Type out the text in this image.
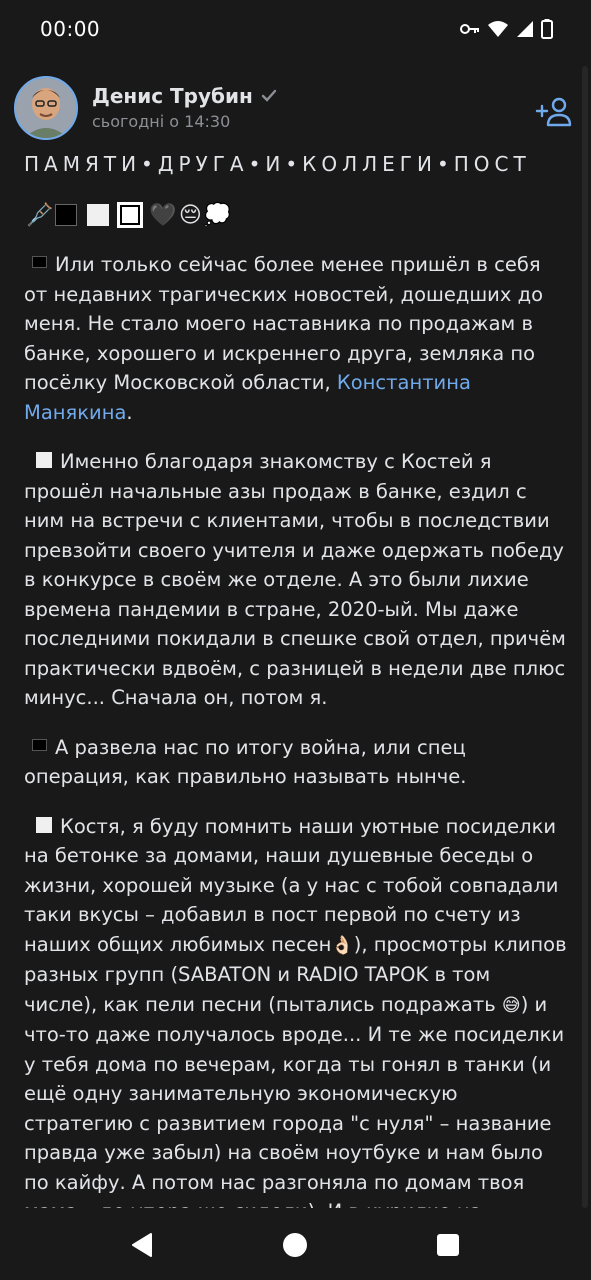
00:00
Денис Трубин
сьогодні о 14:30
ПАМЯТИ•ДРУГА•И•КОЛЛЕГИ•ПОСТ
🩼	🖤 😔 💭

Или только сейчас более менее пришёл в себя от недавних трагических новостей, дошедших до меня. Не стало моего наставника по продажам в банке, хорошего и искреннего друга, земляка по посёлку Московской области, Константина Манякина.

Именно благодаря знакомству с Костей я прошёл начальные азы продаж в банке, ездил с ним на встречи с клиентами, чтобы в последствии превзойти своего учителя и даже одержать победу в конкурсе в своём же отделе. А это были лихие времена пандемии в стране, 2020-ый. Мы даже последними покидали в спешке свой отдел, причём практически вдвоём, с разницей в недели две плюс минус... Сначала он, потом я.

А развела нас по итогу война, или спец операция, как правильно называть нынче.

Костя, я буду помнить наши уютные посиделки на бетонке за домами, наши душевные беседы о жизни, хорошей музыке (а у нас с тобой совпадали таки вкусы – добавил в пост первой по счету из наших общих любимых песен👌🏻), просмотры клипов разных групп (SABATON и RADIO TAPOK в том числе), как пели песни (пытались подражать 😅) и что-то даже получалось вроде... И те же посиделки у тебя дома по вечерам, когда ты гонял в танки (и ещё одну занимательную экономическую стратегию с развитием города "с нуля" – название правда уже забыл) на своём ноутбуке и нам было по кайфу. А потом нас разгоняла по домам твоя
